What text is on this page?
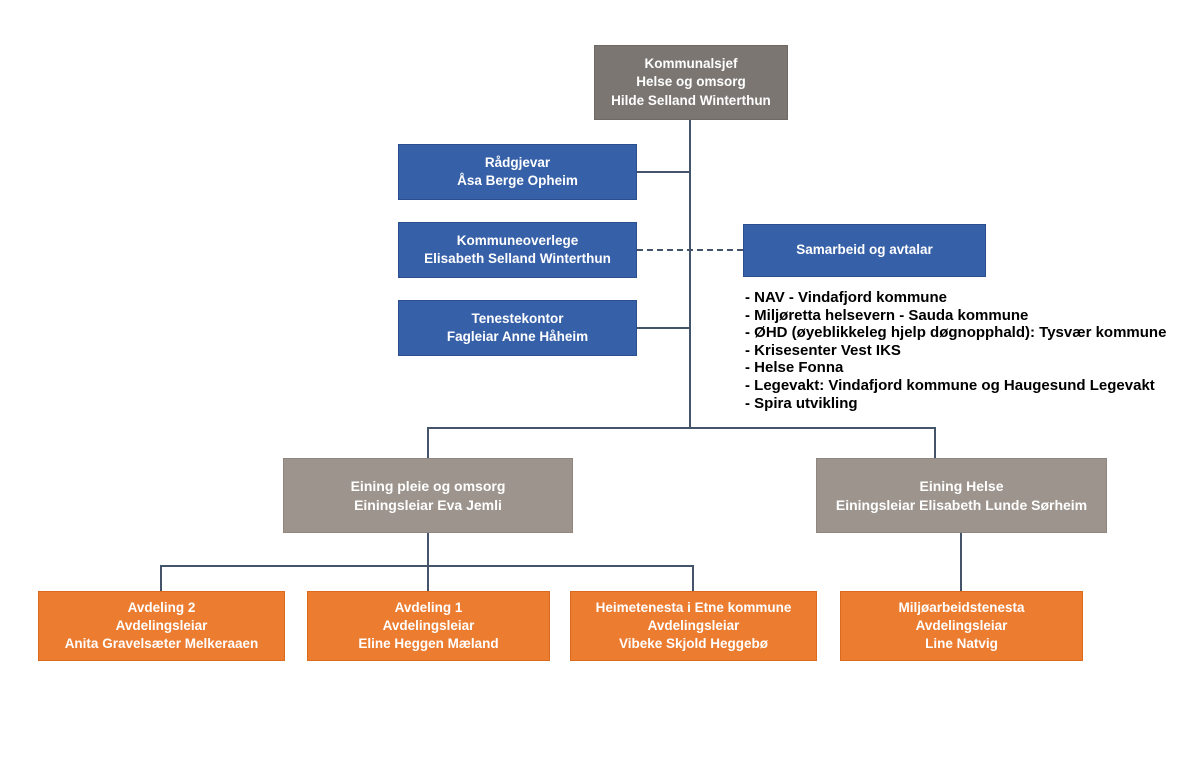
Kommunalsjef
Helse og omsorg
Hilde Selland Winterthun
Rådgjevar
Åsa Berge Opheim
Kommuneoverlege
Elisabeth Selland Winterthun
Tenestekontor
Fagleiar Anne Håheim
Samarbeid og avtalar
- NAV - Vindafjord kommune
- Miljøretta helsevern - Sauda kommune
- ØHD (øyeblikkeleg hjelp døgnopphald): Tysvær kommune
- Krisesenter Vest IKS
- Helse Fonna
- Legevakt: Vindafjord kommune og Haugesund Legevakt
- Spira utvikling
Eining pleie og omsorg
Einingsleiar Eva Jemli
Eining Helse
Einingsleiar Elisabeth Lunde Sørheim
Avdeling 2
Avdelingsleiar
Anita Gravelsæter Melkeraaen
Avdeling 1
Avdelingsleiar
Eline Heggen Mæland
Heimetenesta i Etne kommune
Avdelingsleiar
Vibeke Skjold Heggebø
Miljøarbeidstenesta
Avdelingsleiar
Line Natvig
